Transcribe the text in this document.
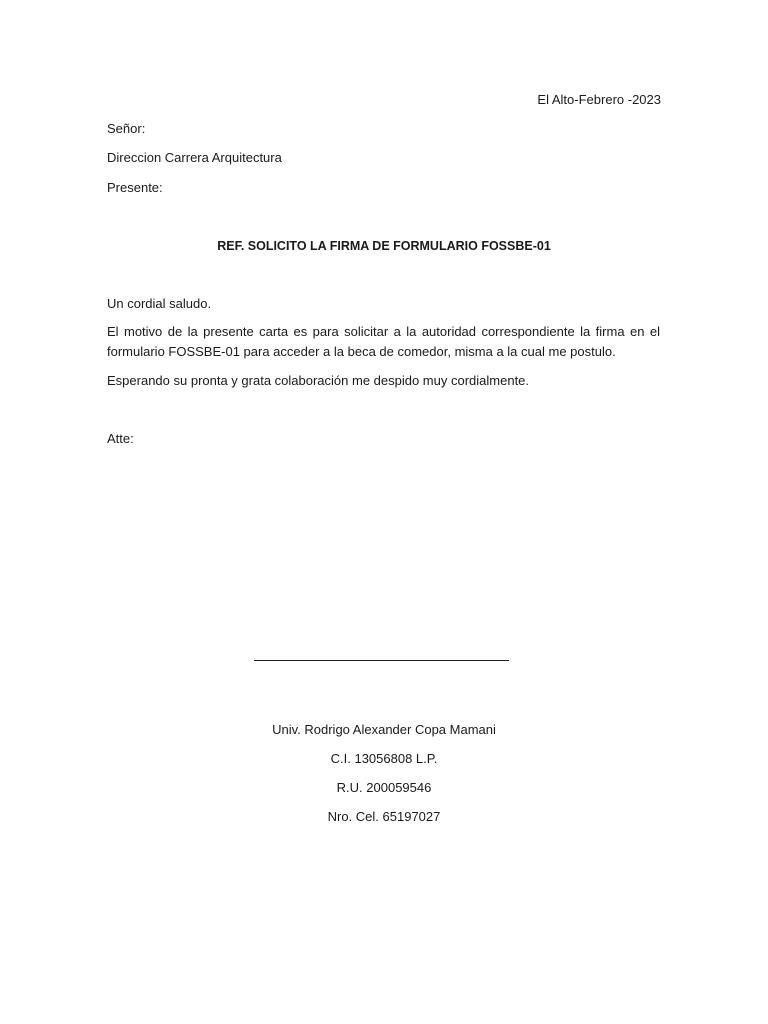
El Alto-Febrero -2023
Señor:
Direccion Carrera Arquitectura
Presente:
REF. SOLICITO LA FIRMA DE FORMULARIO FOSSBE-01
Un cordial saludo.
El motivo de la presente carta es para solicitar a la autoridad correspondiente la firma en el
formulario FOSSBE-01 para acceder a la beca de comedor, misma a la cual me postulo.
Esperando su pronta y grata colaboración me despido muy cordialmente.
Atte:
Univ. Rodrigo Alexander Copa Mamani
C.I. 13056808 L.P.
R.U. 200059546
Nro. Cel. 65197027
